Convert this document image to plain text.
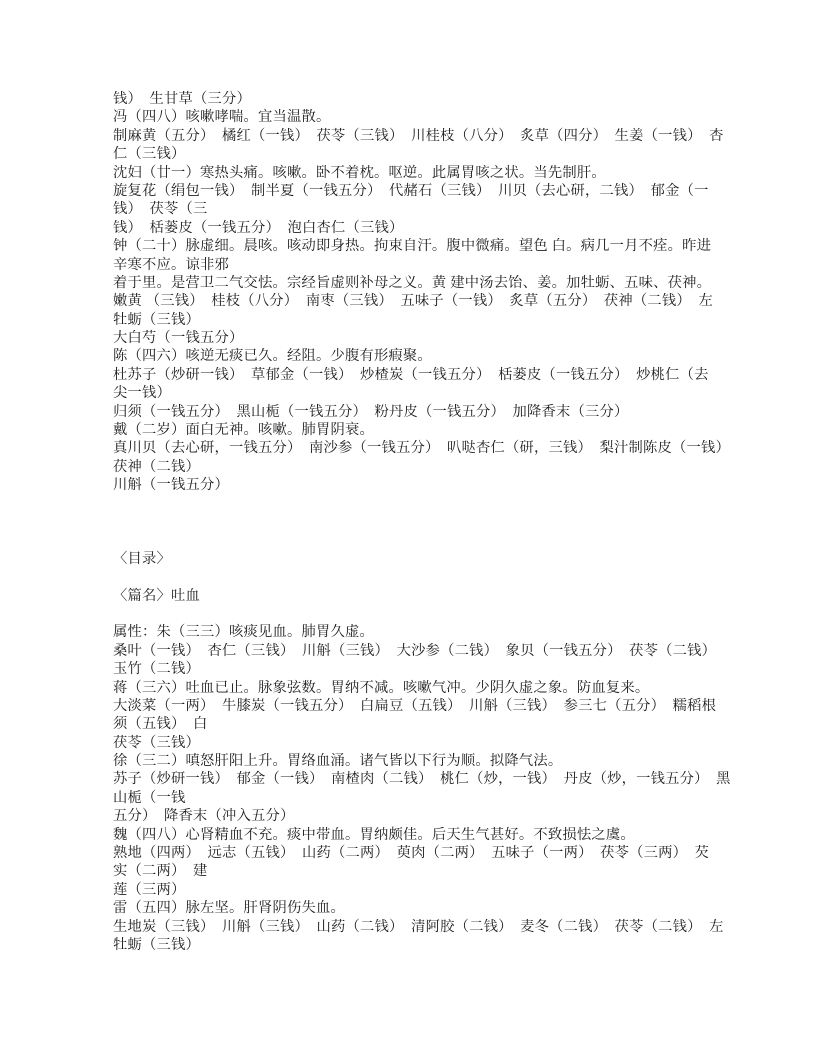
钱）  生甘草（三分）
冯（四八）咳嗽哮喘。宜当温散。
制麻黄（五分）  橘红（一钱）  茯苓（三钱）  川桂枝（八分）  炙草（四分）  生姜（一钱）  杏
仁（三钱）
沈妇（廿一）寒热头痛。咳嗽。卧不着枕。呕逆。此属胃咳之状。当先制肝。
旋复花（绢包一钱）  制半夏（一钱五分）  代赭石（三钱）  川贝（去心研，二钱）  郁金（一
钱）  茯苓（三
钱）  栝蒌皮（一钱五分）  泡白杏仁（三钱）
钟（二十）脉虚细。晨咳。咳动即身热。拘束自汗。腹中微痛。望色 白。病几一月不痊。昨进
辛寒不应。谅非邪
着于里。是营卫二气交怯。宗经旨虚则补母之义。黄 建中汤去饴、姜。加牡蛎、五味、茯神。
嫩黄 （三钱）  桂枝（八分）  南枣（三钱）  五味子（一钱）  炙草（五分）  茯神（二钱）  左
牡蛎（三钱）
大白芍（一钱五分）
陈（四六）咳逆无痰已久。经阻。少腹有形瘕聚。
杜苏子（炒研一钱）  草郁金（一钱）  炒楂炭（一钱五分）  栝蒌皮（一钱五分）  炒桃仁（去
尖一钱）
归须（一钱五分）  黑山栀（一钱五分）  粉丹皮（一钱五分）  加降香末（三分）
戴（二岁）面白无神。咳嗽。肺胃阴衰。
真川贝（去心研，一钱五分）  南沙参（一钱五分）  叭哒杏仁（研，三钱）  梨汁制陈皮（一钱）
茯神（二钱）
川斛（一钱五分）
〈目录〉
〈篇名〉吐血
属性：朱（三三）咳痰见血。肺胃久虚。
桑叶（一钱）  杏仁（三钱）  川斛（三钱）  大沙参（二钱）  象贝（一钱五分）  茯苓（二钱）
玉竹（二钱）
蒋（三六）吐血已止。脉象弦数。胃纳不减。咳嗽气冲。少阴久虚之象。防血复来。
大淡菜（一两）  牛膝炭（一钱五分）  白扁豆（五钱）  川斛（三钱）  参三七（五分）  糯稻根
须（五钱）  白
茯苓（三钱）
徐（三二）嗔怒肝阳上升。胃络血涌。诸气皆以下行为顺。拟降气法。
苏子（炒研一钱）  郁金（一钱）  南楂肉（二钱）  桃仁（炒，一钱）  丹皮（炒，一钱五分）  黑
山栀（一钱
五分）  降香末（冲入五分）
魏（四八）心肾精血不充。痰中带血。胃纳颇佳。后天生气甚好。不致损怯之虞。
熟地（四两）  远志（五钱）  山药（二两）  萸肉（二两）  五味子（一两）  茯苓（三两）  芡
实（二两）  建
莲（三两）
雷（五四）脉左坚。肝肾阴伤失血。
生地炭（三钱）  川斛（三钱）  山药（二钱）  清阿胶（二钱）  麦冬（二钱）  茯苓（二钱）  左
牡蛎（三钱）
